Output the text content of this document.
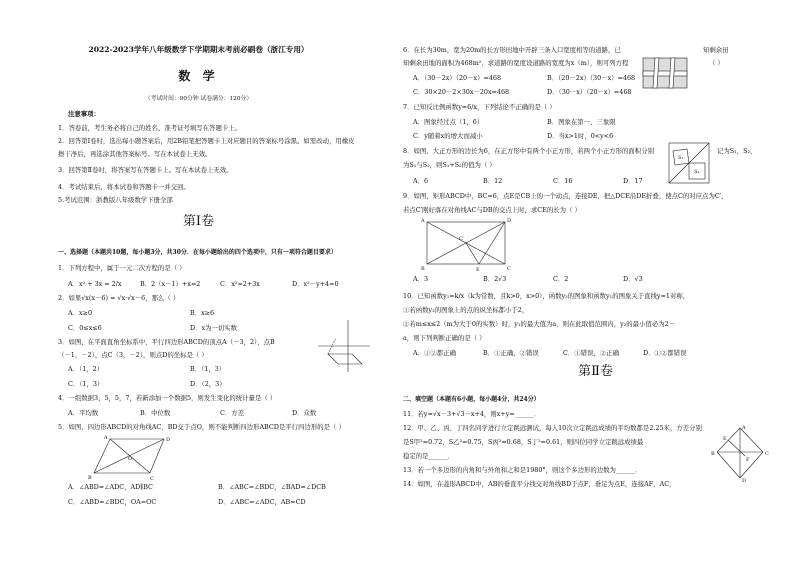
2022-2023学年八年级数学下学期期末考前必刷卷（浙江专用）
数 学
（考试时间：90分钟 试卷满分：120分）
注意事项：
1．答卷前，考生务必将自己的姓名、准考证号填写在答题卡上。
2．回答第Ⅰ卷时，选出每小题答案后，用2B铅笔把答题卡上对应题目的答案标号涂黑。如需改动，用橡皮
擦干净后，再选涂其他答案标号。写在本试卷上无效。
3．回答第Ⅱ卷时，将答案写在答题卡上。写在本试卷上无效。
4．考试结束后，将本试卷和答题卡一并交回。
5.考试范围：浙教版八年级数学下册全部
第Ⅰ卷
一、选择题（本题共10题，每小题3分，共30分．在每小题给出的四个选项中，只有一项符合题目要求）
1．下列方程中，属于一元二次方程的是（ ）
A．x² + 3x = 2/x	B．2（x－1）+x=2	C．x²=2+3x	D．x²－y+4=0
2．如果√x(x－6) = √x·√x－6，那么（ ）
A．x≥0	B．x≥6
C．0≤x≤6	D．x为一切实数
3．如图，在平面直角坐标系中，平行四边形ABCD的顶点A（－3，2），点B
（－1，－2），点C（3，－2），则点D的坐标是（ ）
A．（1，2）	B．（1，3）
C．（1，3）	D．（2，3）
4．一组数据3，5，5，7，若新添加一个数据5，则发生变化的统计量是（ ）
A．平均数	B．中位数	C．方差	D．众数
5．如图，四边形ABCD的对角线AC，BD交于点O，则不能判断四边形ABCD是平行四边形的是（ ）
A	D
O
B	C
A．∠ABD=∠ADC，AD∥BC	B．∠ABC=∠BDC，∠BAD=∠DCB
C．∠ABD=∠BDC，OA=OC	D．∠ABC=∠ADC，AB=CD
6．在长为30m，宽为20m的长方形田地中开辟三条入口宽度相等的道路，已
知剩余田地的面积为468m²，求道路的宽度设道路的宽度为x（m），则可列方程
知剩余田
（ ）
A．（30－2x）（20－x）=468	B．（20－2x）（30－x）=468
C．30×20－2×30x－20x=468	D．（30－x）（20－x）=468
7．已知反比例函数y=6/x，下列结论不正确的是（ ）
A．图象经过点（1，6）	B．图象在第一、三象限
C．y随着x的增大而减小	D．当x>1时，0<y<6
8．如图，大正方形的边长为6，在正方形中有两个小正方形，若两个小正方形的面积分别
为S₁与S₂，则S₁+S₂的值为（ ）
记为S₁，S₂，
S₁
S₂
A．6	B．12	C．16	D．17
9．如图，矩形ABCD中，BC=6，点E是CB上的一个动点，连接DE，把△DCE沿DE折叠，使点C的对应点为C′，
若点C′刚好落在对角线AC与DB的交点上时，求CE的长为（ ）
A	D
C′
B	E	C
A．3	B．2√3	C．2	D．√3
10．已知函数y₁=k/x（k为常数，且k>0，x>0），函数y₂的图象和函数y₁的图象关于直线y=1对称，
①若函数y₂的图象上的点的纵坐标都小于2，
②若m≤x≤2（m为大于0的实数）时，y₁的最大值为a，则在此取值范围内，y₂的最小值必为2－
a，则下列判断正确的是（ ）
A．①②都正确	B．①正确，②错误	C．①错误，②正确	D．①②都错误
第Ⅱ卷
二、填空题（本题有6小题，每小题4分，共24分）
11．若y=√x－3+√3－x+4，则x+y=______．
12．甲、乙、丙、丁四名同学进行立定跳远测试，每人10次立定跳远成绩的平均数都是2.25米，方差分别
是S甲²=0.72，S乙²=0.75，S丙²=0.68，S丁²=0.61，则四位同学立定跳远成绩最
稳定的是______．
13．若一个多边形的内角和与外角和之和是1980°，则这个多边形的边数为______．
14．如图，在菱形ABCD中，AB的垂直平分线交对角线BD于点F，垂足为点E，连接AF，AC，
A
B	C
D
F
E
